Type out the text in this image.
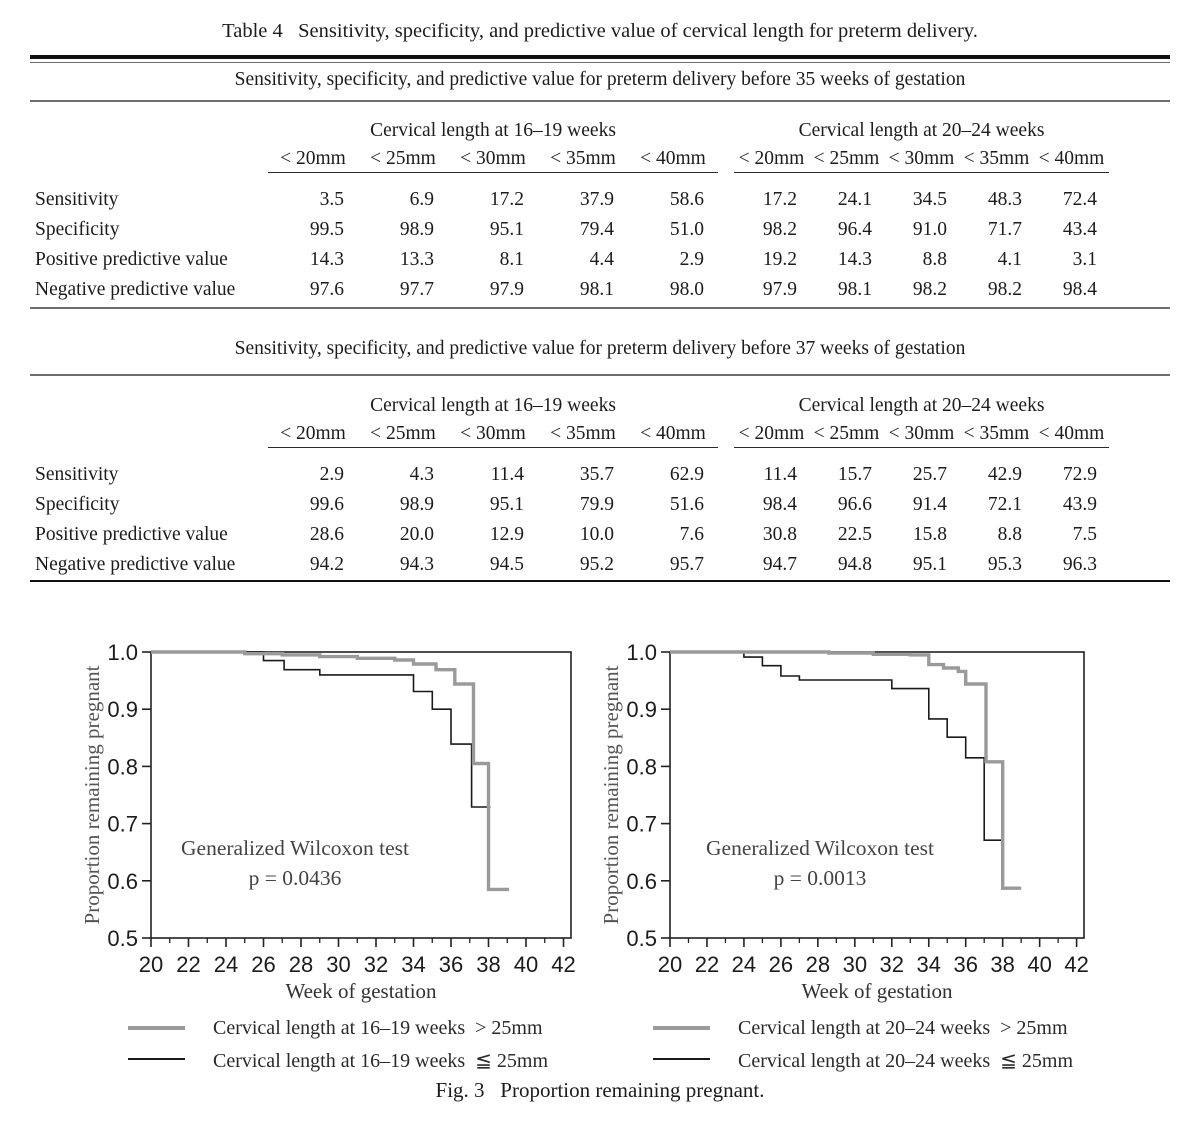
Table 4   Sensitivity, specificity, and predictive value of cervical length for preterm delivery.
Sensitivity, specificity, and predictive value for preterm delivery before 35 weeks of gestation
	Cervical length at 16–19 weeks						Cervical length at 20–24 weeks					
	< 20mm	< 25mm	< 30mm	< 35mm	< 40mm		< 20mm	< 25mm	< 30mm	< 35mm	< 40mm	
Sensitivity	3.5	6.9	17.2	37.9	58.6		17.2	24.1	34.5	48.3	72.4	
Specificity	99.5	98.9	95.1	79.4	51.0		98.2	96.4	91.0	71.7	43.4	
Positive predictive value	14.3	13.3	8.1	4.4	2.9		19.2	14.3	8.8	4.1	3.1	
Negative predictive value	97.6	97.7	97.9	98.1	98.0		97.9	98.1	98.2	98.2	98.4	
Sensitivity, specificity, and predictive value for preterm delivery before 37 weeks of gestation
	Cervical length at 16–19 weeks						Cervical length at 20–24 weeks					
	< 20mm	< 25mm	< 30mm	< 35mm	< 40mm		< 20mm	< 25mm	< 30mm	< 35mm	< 40mm	
Sensitivity	2.9	4.3	11.4	35.7	62.9		11.4	15.7	25.7	42.9	72.9	
Specificity	99.6	98.9	95.1	79.9	51.6		98.4	96.6	91.4	72.1	43.9	
Positive predictive value	28.6	20.0	12.9	10.0	7.6		30.8	22.5	15.8	8.8	7.5	
Negative predictive value	94.2	94.3	94.5	95.2	95.7		94.7	94.8	95.1	95.3	96.3	
20 22 24 26 28 30 32 34 36 38 40 42
0.5
0.6
0.7
0.8
0.9
1.0
Generalized Wilcoxon test
p = 0.0436
Week of gestation
Proportion remaining pregnant
20 22 24 26 28 30 32 34 36 38 40 42
0.5
0.6
0.7
0.8
0.9
1.0
Generalized Wilcoxon test
p = 0.0013
Week of gestation
Proportion remaining pregnant
Cervical length at 16–19 weeks  > 25mm
Cervical length at 16–19 weeks  ≦ 25mm
Cervical length at 20–24 weeks  > 25mm
Cervical length at 20–24 weeks  ≦ 25mm
Fig. 3   Proportion remaining pregnant.
